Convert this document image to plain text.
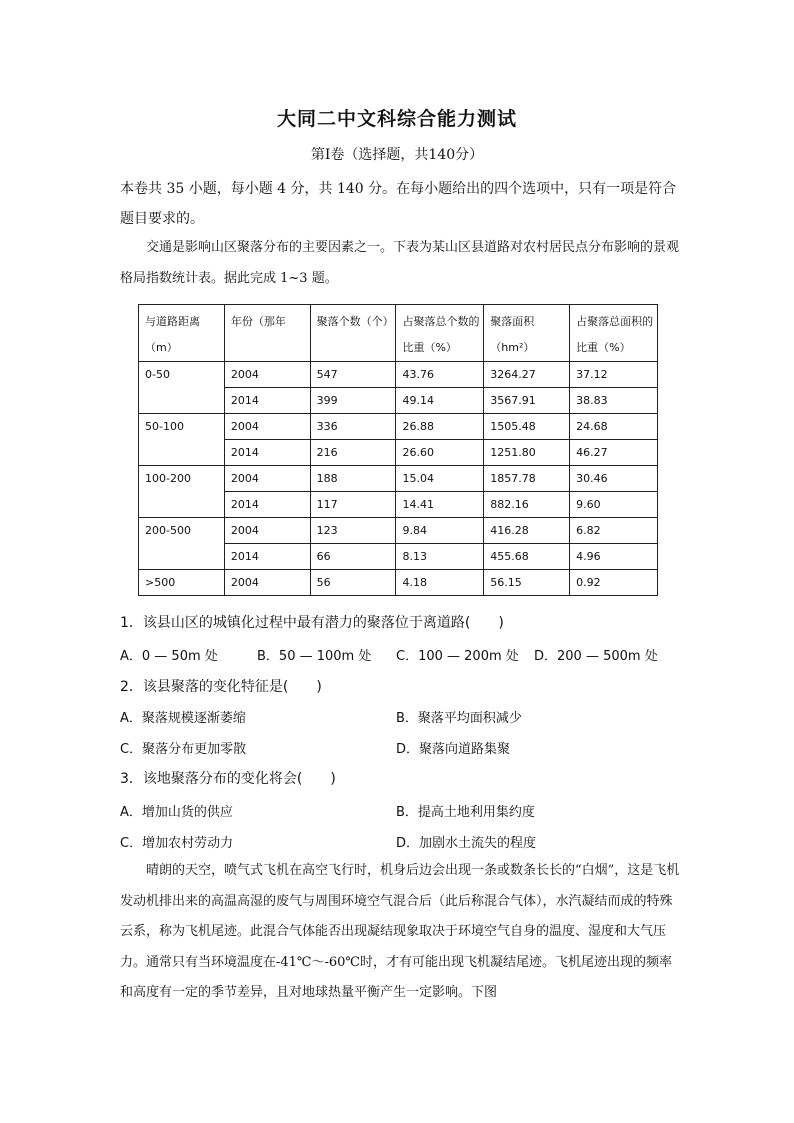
大同二中文科综合能力测试
第Ⅰ卷（选择题，共140分）

本卷共 35 小题，每小题 4 分，共 140 分。在每小题给出的四个选项中，只有一项是符合题目要求的。

交通是影响山区聚落分布的主要因素之一。下表为某山区县道路对农村居民点分布影响的景观格局指数统计表。据此完成 1~3 题。

与道路距离（m）	年份（那年	聚落个数（个）	占聚落总个数的比重（%）	聚落面积（hm²）	占聚落总面积的比重（%）
0-50	2004	547	43.76	3264.27	37.12
	2014	399	49.14	3567.91	38.83
50-100	2004	336	26.88	1505.48	24.68
	2014	216	26.60	1251.80	46.27
100-200	2004	188	15.04	1857.78	30.46
	2014	117	14.41	882.16	9.60
200-500	2004	123	9.84	416.28	6.82
	2014	66	8.13	455.68	4.96
>500	2004	56	4.18	56.15	0.92

1．该县山区的城镇化过程中最有潜力的聚落位于离道路(　　)

A．0 — 50m 处	B．50 — 100m 处 C．100 — 200m 处 D．200 — 500m 处

2．该县聚落的变化特征是(　　)

A．聚落规模逐渐萎缩	B．聚落平均面积减少
C．聚落分布更加零散	D．聚落向道路集聚

3．该地聚落分布的变化将会(　　)

A．增加山货的供应	B．提高土地利用集约度
C．增加农村劳动力	D．加剧水土流失的程度

晴朗的天空，喷气式飞机在高空飞行时，机身后边会出现一条或数条长长的“白烟”，这是飞机发动机排出来的高温高湿的废气与周围环境空气混合后（此后称混合气体），水汽凝结而成的特殊云系，称为飞机尾迹。此混合气体能否出现凝结现象取决于环境空气自身的温度、湿度和大气压力。通常只有当环境温度在-41℃～-60℃时，才有可能出现飞机凝结尾迹。飞机尾迹出现的频率和高度有一定的季节差异，且对地球热量平衡产生一定影响。下图
